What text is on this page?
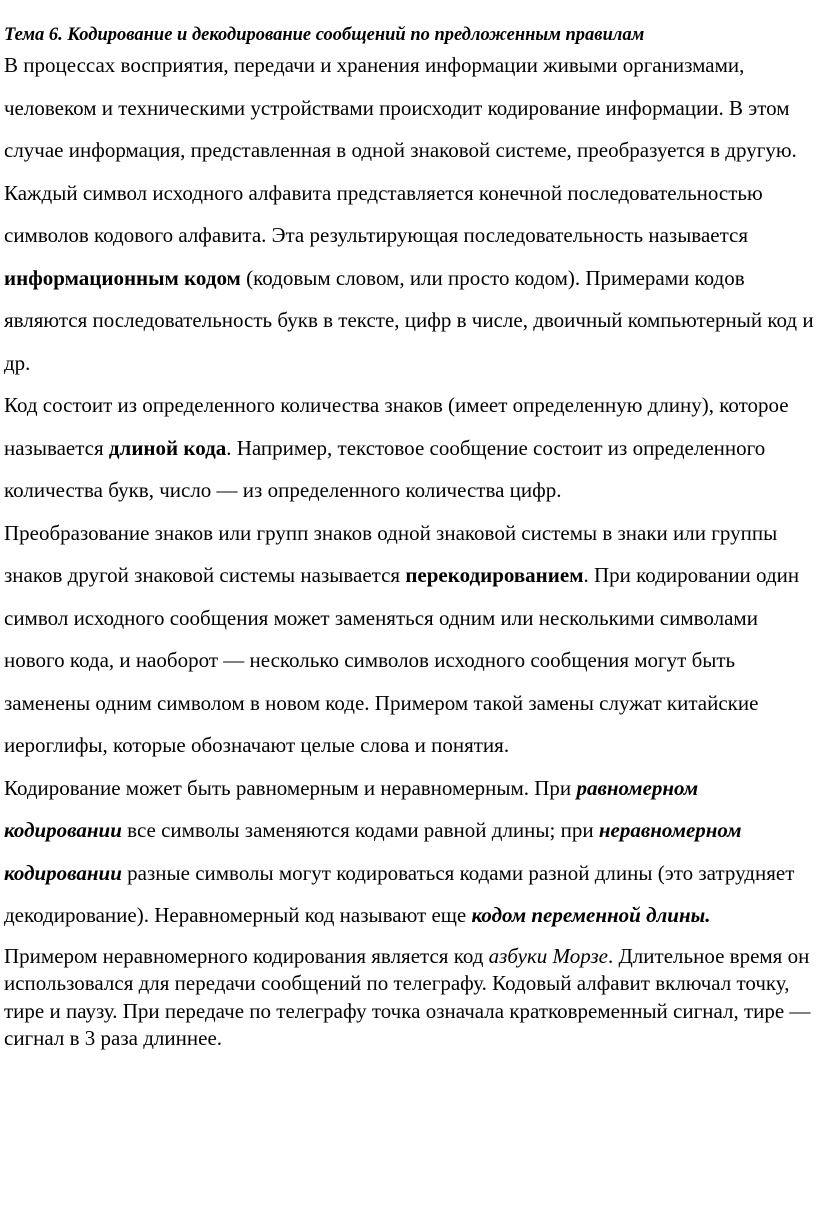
Тема 6. Кодирование и декодирование сообщений по предложенным правилам

В процессах восприятия, передачи и хранения информации живыми организмами, человеком и техническими устройствами происходит кодирование информации. В этом случае информация, представленная в одной знаковой системе, преобразуется в другую. Каждый символ исходного алфавита представляется конечной последовательностью символов кодового алфавита. Эта результирующая последовательность называется информационным кодом (кодовым словом, или просто кодом). Примерами кодов являются последовательность букв в тексте, цифр в числе, двоичный компьютерный код и др.

Код состоит из определенного количества знаков (имеет определенную длину), которое называется длиной кода. Например, текстовое сообщение состоит из определенного количества букв, число — из определенного количества цифр.

Преобразование знаков или групп знаков одной знаковой системы в знаки или группы знаков другой знаковой системы называется перекодированием. При кодировании один символ исходного сообщения может заменяться одним или несколькими символами нового кода, и наоборот — несколько символов исходного сообщения могут быть заменены одним символом в новом коде. Примером такой замены служат китайские иероглифы, которые обозначают целые слова и понятия.

Кодирование может быть равномерным и неравномерным. При равномерном кодировании все символы заменяются кодами равной длины; при неравномерном кодировании разные символы могут кодироваться кодами разной длины (это затрудняет декодирование). Неравномерный код называют еще кодом переменной длины.

Примером неравномерного кодирования является код азбуки Морзе. Длительное время он использовался для передачи сообщений по телеграфу. Кодовый алфавит включал точку, тире и паузу. При передаче по телеграфу точка означала кратковременный сигнал, тире — сигнал в 3 раза длиннее.
